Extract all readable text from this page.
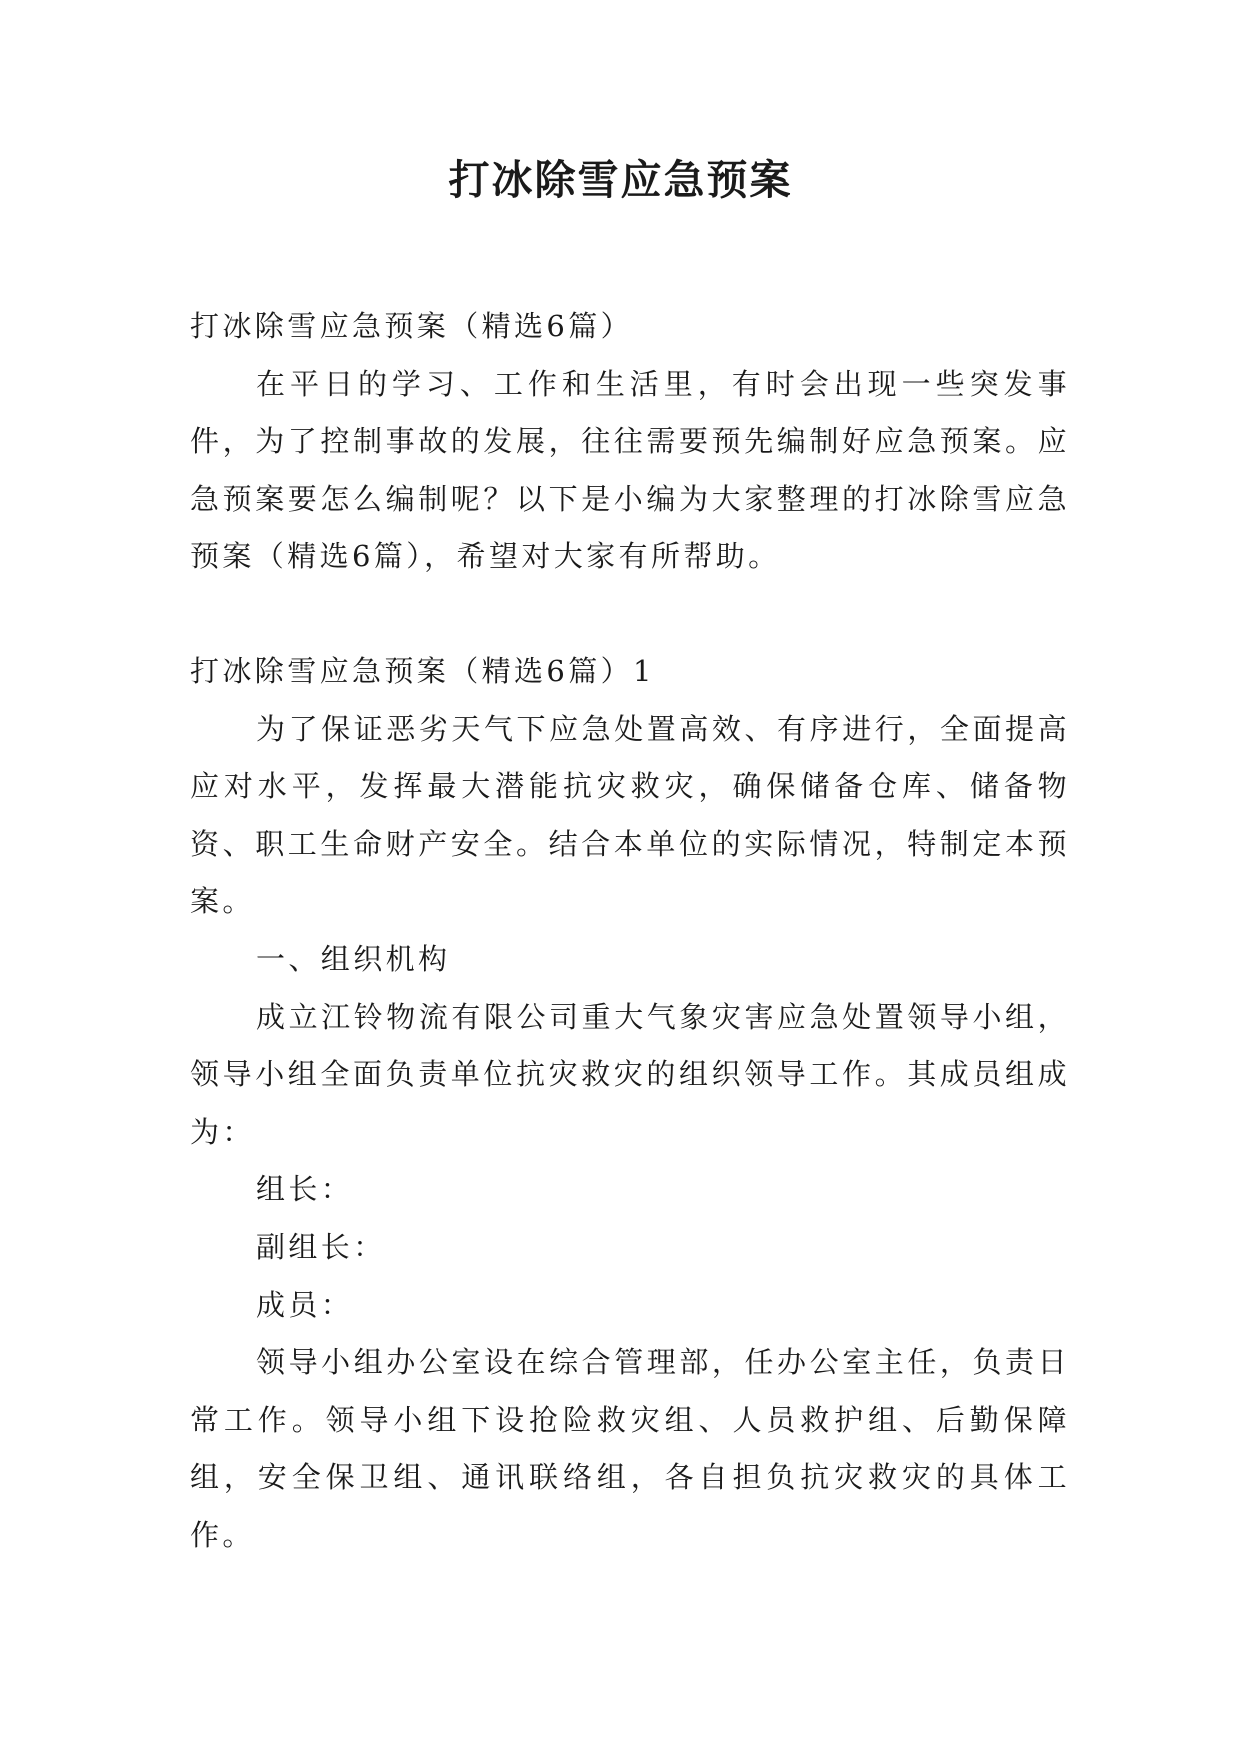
打冰除雪应急预案

打冰除雪应急预案（精选6篇）

在平日的学习、工作和生活里，有时会出现一些突发事件，为了控制事故的发展，往往需要预先编制好应急预案。应急预案要怎么编制呢？以下是小编为大家整理的打冰除雪应急预案（精选6篇），希望对大家有所帮助。

打冰除雪应急预案（精选6篇）1

为了保证恶劣天气下应急处置高效、有序进行，全面提高应对水平，发挥最大潜能抗灾救灾，确保储备仓库、储备物资、职工生命财产安全。结合本单位的实际情况，特制定本预案。

一、组织机构

成立江铃物流有限公司重大气象灾害应急处置领导小组，领导小组全面负责单位抗灾救灾的组织领导工作。其成员组成为：

组长：

副组长：

成员：

领导小组办公室设在综合管理部，任办公室主任，负责日常工作。领导小组下设抢险救灾组、人员救护组、后勤保障组，安全保卫组、通讯联络组，各自担负抗灾救灾的具体工作。
